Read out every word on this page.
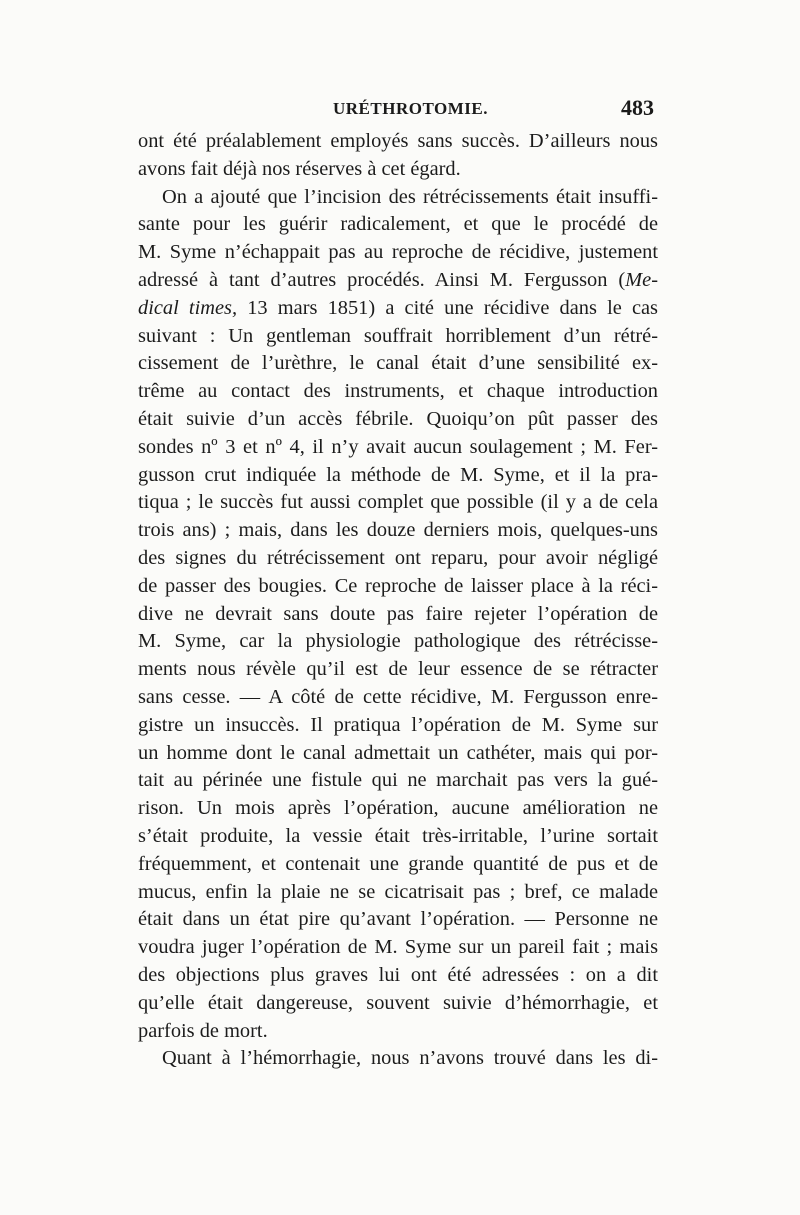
URÉTHROTOMIE.	483
ont été préalablement employés sans succès. D’ailleurs nous
avons fait déjà nos réserves à cet égard.
On a ajouté que l’incision des rétrécissements était insuffi-
sante pour les guérir radicalement, et que le procédé de
M. Syme n’échappait pas au reproche de récidive, justement
adressé à tant d’autres procédés. Ainsi M. Fergusson (Me-
dical times, 13 mars 1851) a cité une récidive dans le cas
suivant : Un gentleman souffrait horriblement d’un rétré-
cissement de l’urèthre, le canal était d’une sensibilité ex-
trême au contact des instruments, et chaque introduction
était suivie d’un accès fébrile. Quoiqu’on pût passer des
sondes nº 3 et nº 4, il n’y avait aucun soulagement ; M. Fer-
gusson crut indiquée la méthode de M. Syme, et il la pra-
tiqua ; le succès fut aussi complet que possible (il y a de cela
trois ans) ; mais, dans les douze derniers mois, quelques-uns
des signes du rétrécissement ont reparu, pour avoir négligé
de passer des bougies. Ce reproche de laisser place à la réci-
dive ne devrait sans doute pas faire rejeter l’opération de
M. Syme, car la physiologie pathologique des rétrécisse-
ments nous révèle qu’il est de leur essence de se rétracter
sans cesse. — A côté de cette récidive, M. Fergusson enre-
gistre un insuccès. Il pratiqua l’opération de M. Syme sur
un homme dont le canal admettait un cathéter, mais qui por-
tait au périnée une fistule qui ne marchait pas vers la gué-
rison. Un mois après l’opération, aucune amélioration ne
s’était produite, la vessie était très-irritable, l’urine sortait
fréquemment, et contenait une grande quantité de pus et de
mucus, enfin la plaie ne se cicatrisait pas ; bref, ce malade
était dans un état pire qu’avant l’opération. — Personne ne
voudra juger l’opération de M. Syme sur un pareil fait ; mais
des objections plus graves lui ont été adressées : on a dit
qu’elle était dangereuse, souvent suivie d’hémorrhagie, et
parfois de mort.
Quant à l’hémorrhagie, nous n’avons trouvé dans les di-
